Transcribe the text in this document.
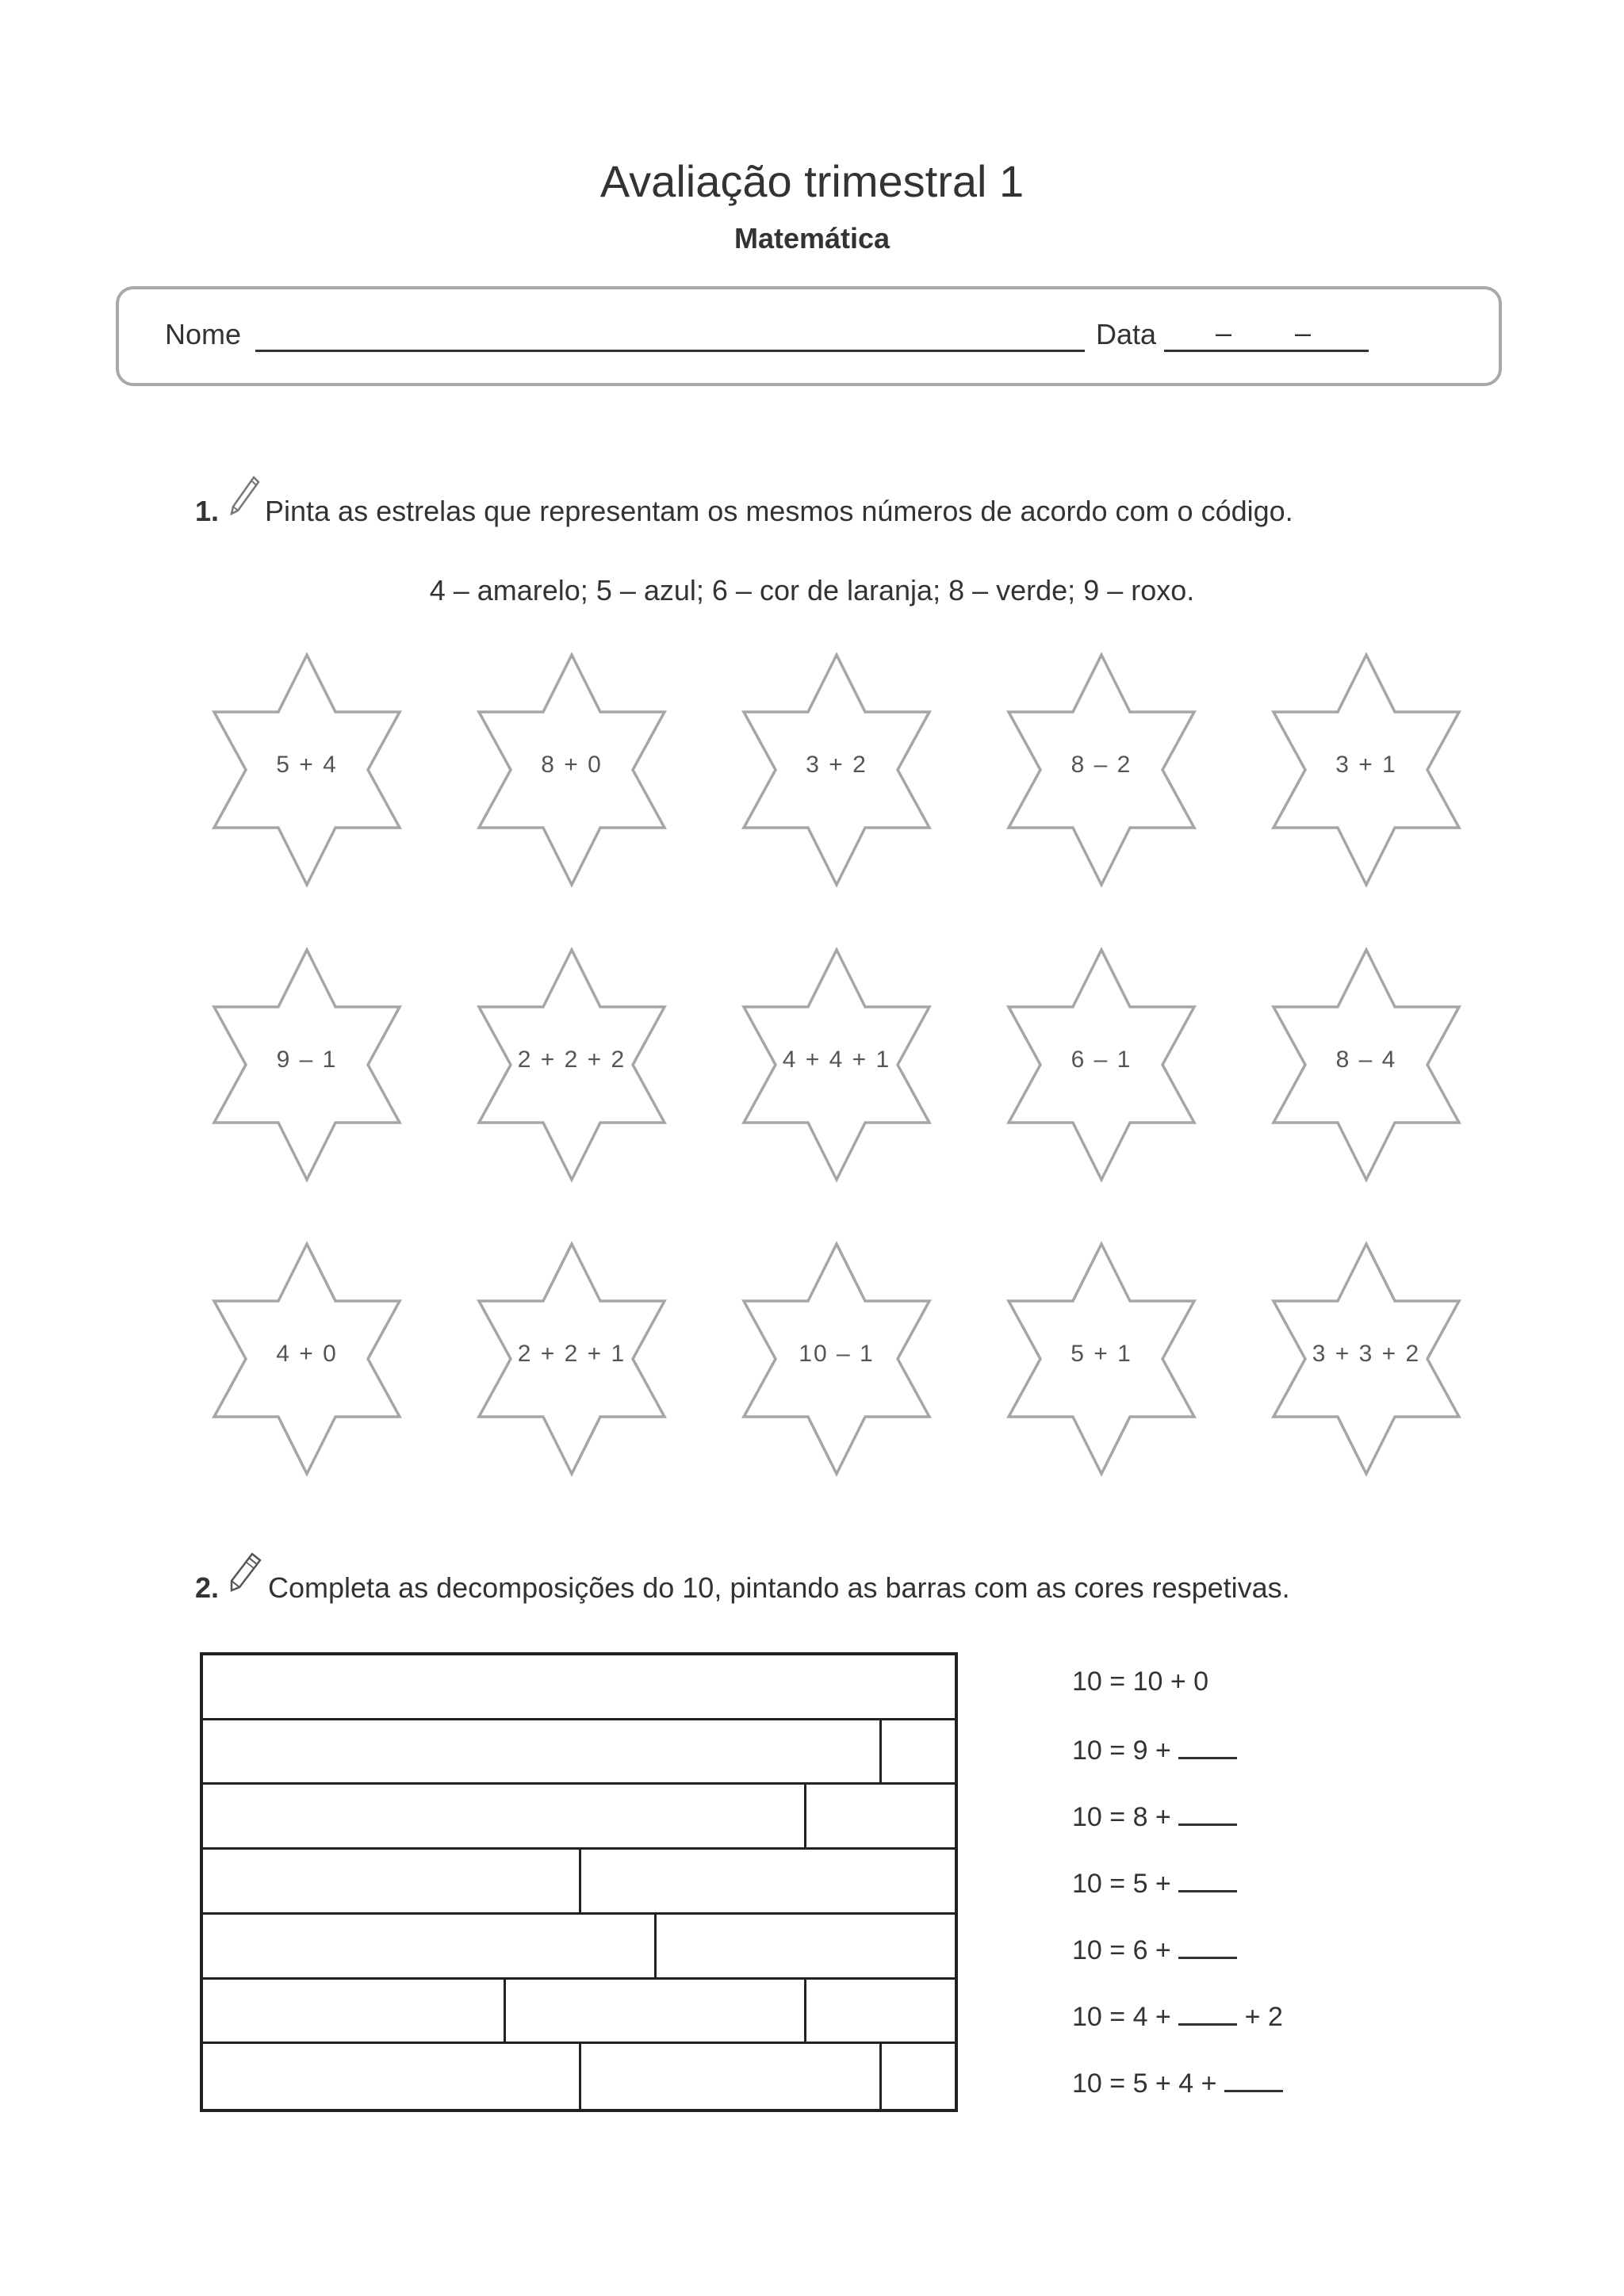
Avaliação trimestral 1
Matemática
Nome	Data – –
1. Pinta as estrelas que representam os mesmos números de acordo com o código.
4 – amarelo; 5 – azul; 6 – cor de laranja; 8 – verde; 9 – roxo.
5 + 4	8 + 0	3 + 2	8 – 2	3 + 1
9 – 1	2 + 2 + 2	4 + 4 + 1	6 – 1	8 – 4
4 + 0	2 + 2 + 1	10 – 1	5 + 1	3 + 3 + 2
2. Completa as decomposições do 10, pintando as barras com as cores respetivas.
10 = 10 + 0
10 = 9 +
10 = 8 +
10 = 5 +
10 = 6 +
10 = 4 +  + 2
10 = 5 + 4 +
